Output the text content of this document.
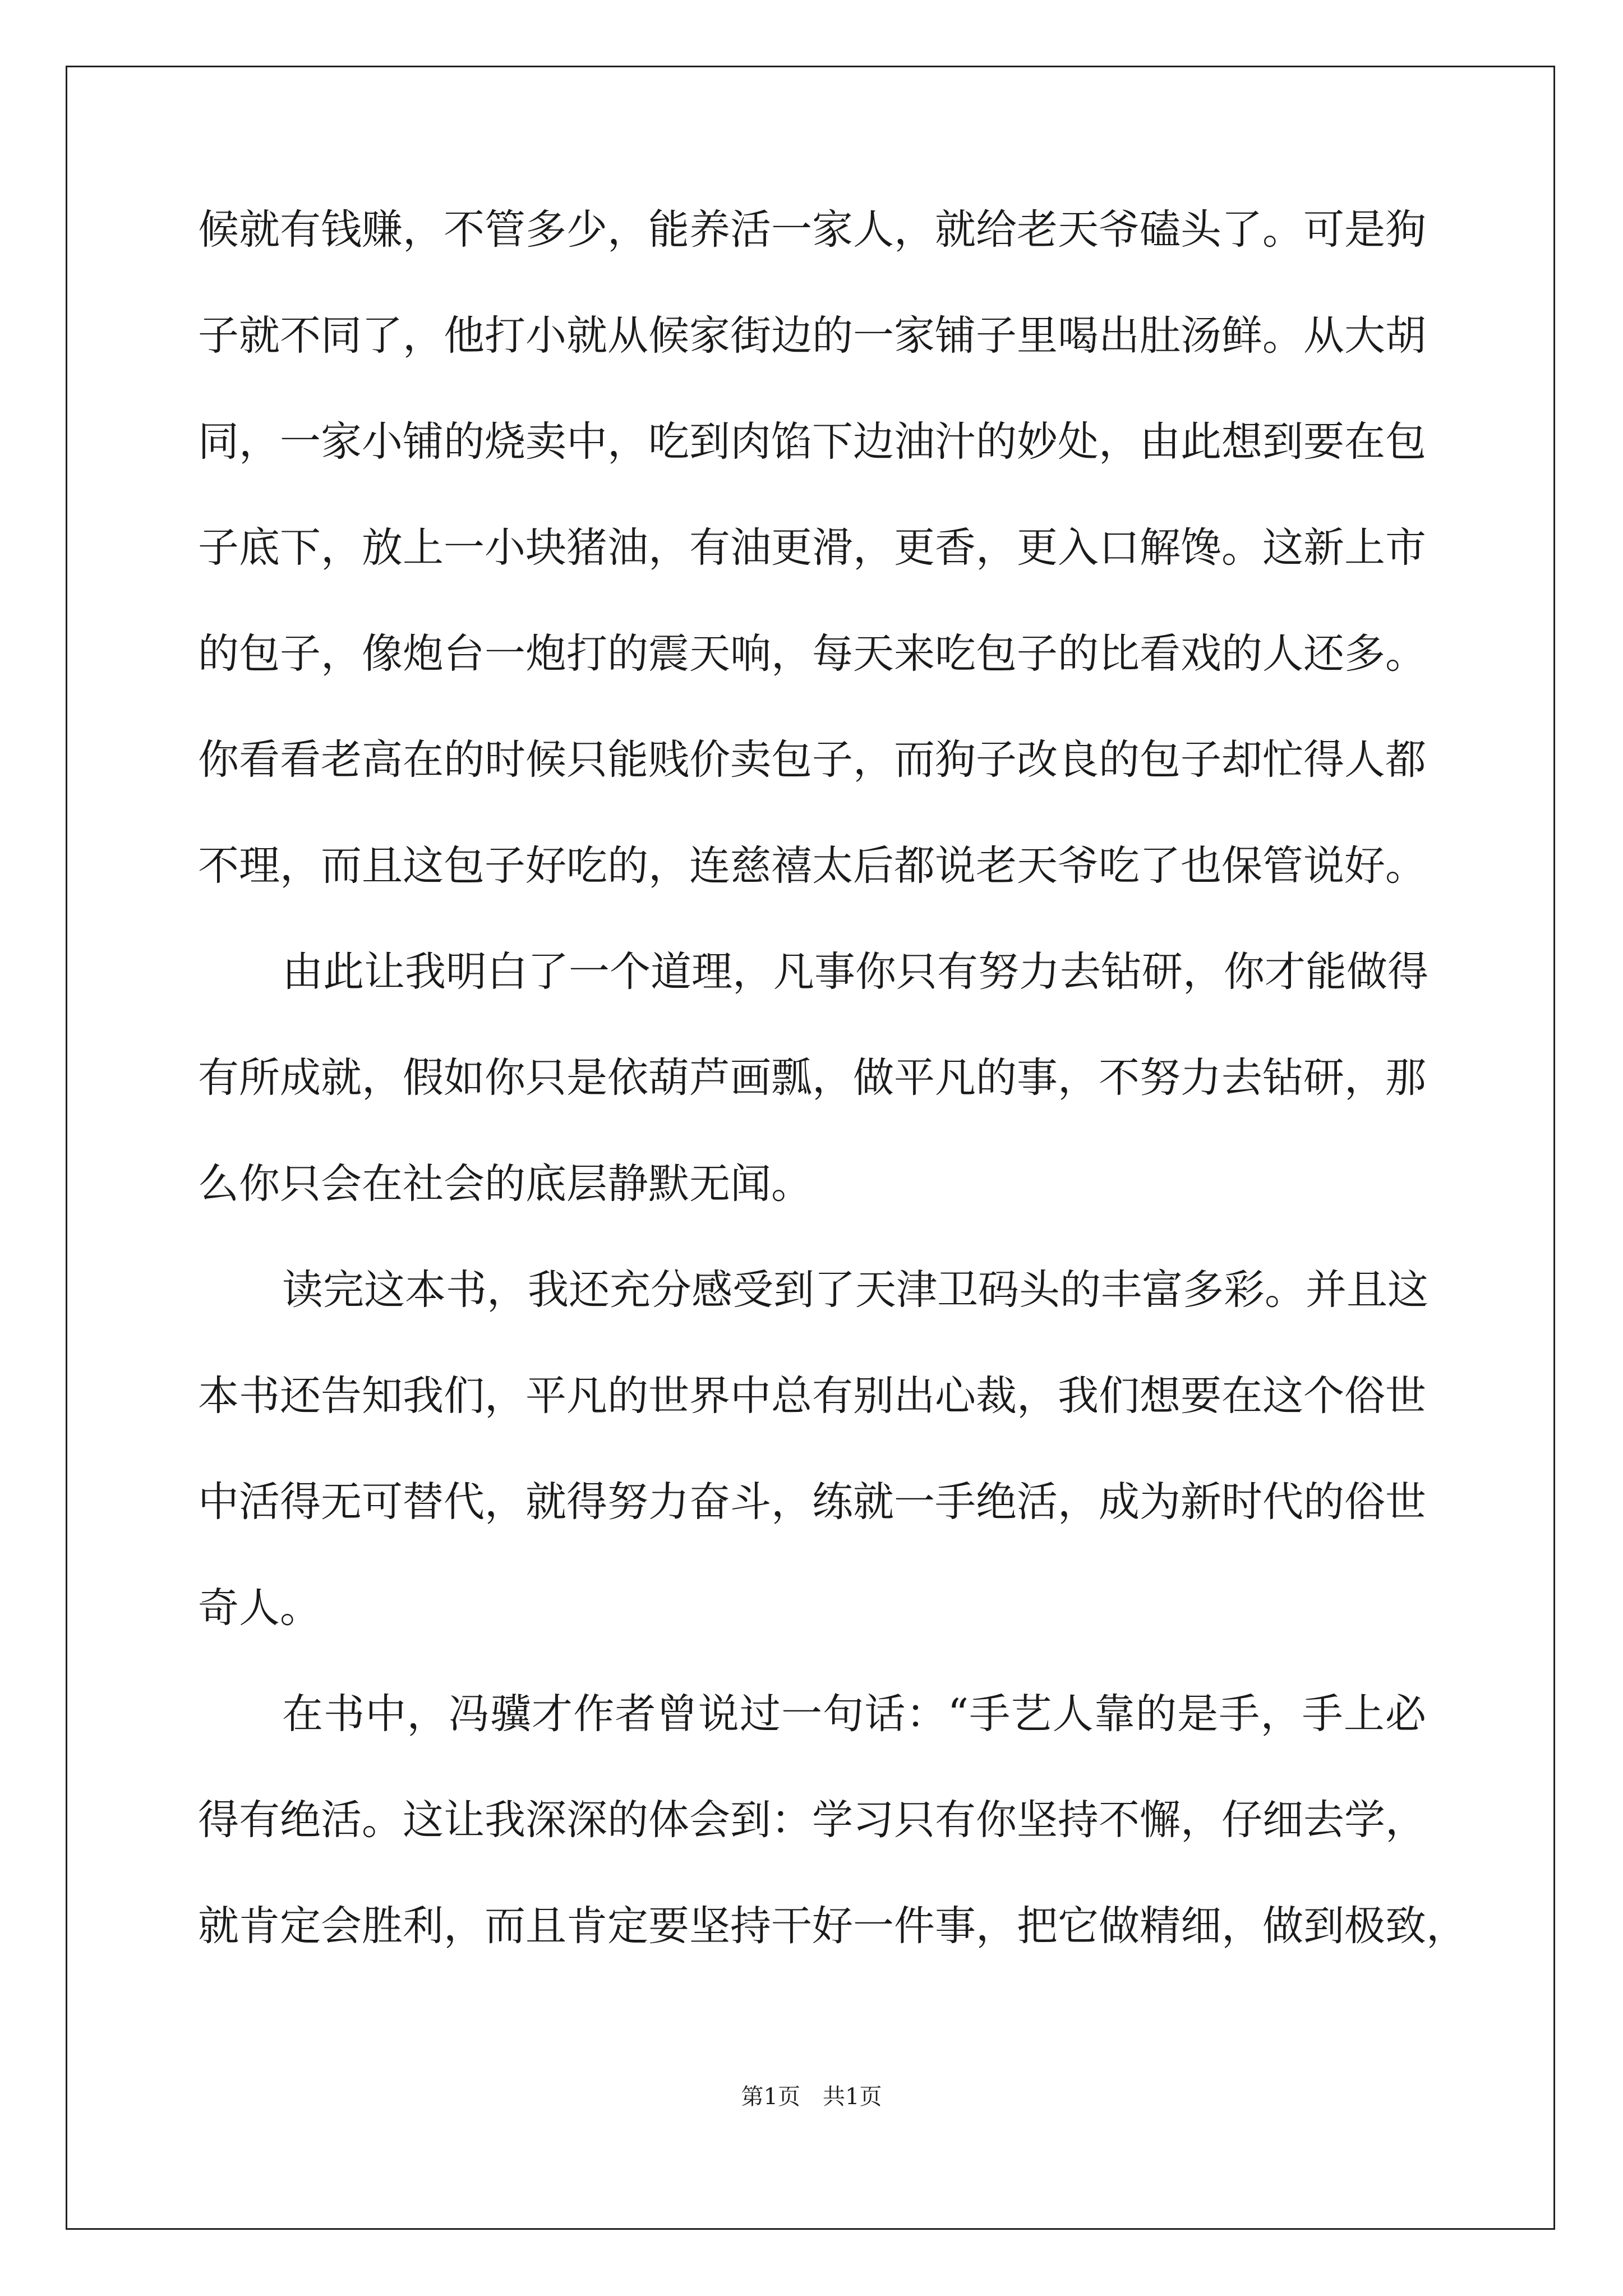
候就有钱赚，不管多少，能养活一家人，就给老天爷磕头了。可是狗

子就不同了，他打小就从候家街边的一家铺子里喝出肚汤鲜。从大胡

同，一家小铺的烧卖中，吃到肉馅下边油汁的妙处，由此想到要在包

子底下，放上一小块猪油，有油更滑，更香，更入口解馋。这新上市

的包子，像炮台一炮打的震天响，每天来吃包子的比看戏的人还多。

你看看老高在的时候只能贱价卖包子，而狗子改良的包子却忙得人都

不理，而且这包子好吃的，连慈禧太后都说老天爷吃了也保管说好。

由此让我明白了一个道理，凡事你只有努力去钻研，你才能做得

有所成就，假如你只是依葫芦画瓢，做平凡的事，不努力去钻研，那

么你只会在社会的底层静默无闻。

读完这本书，我还充分感受到了天津卫码头的丰富多彩。并且这

本书还告知我们，平凡的世界中总有别出心裁，我们想要在这个俗世

中活得无可替代，就得努力奋斗，练就一手绝活，成为新时代的俗世

奇人。

在书中，冯骥才作者曾说过一句话：“手艺人靠的是手，手上必

得有绝活。这让我深深的体会到：学习只有你坚持不懈，仔细去学，

就肯定会胜利，而且肯定要坚持干好一件事，把它做精细，做到极致，

第1页　共1页
